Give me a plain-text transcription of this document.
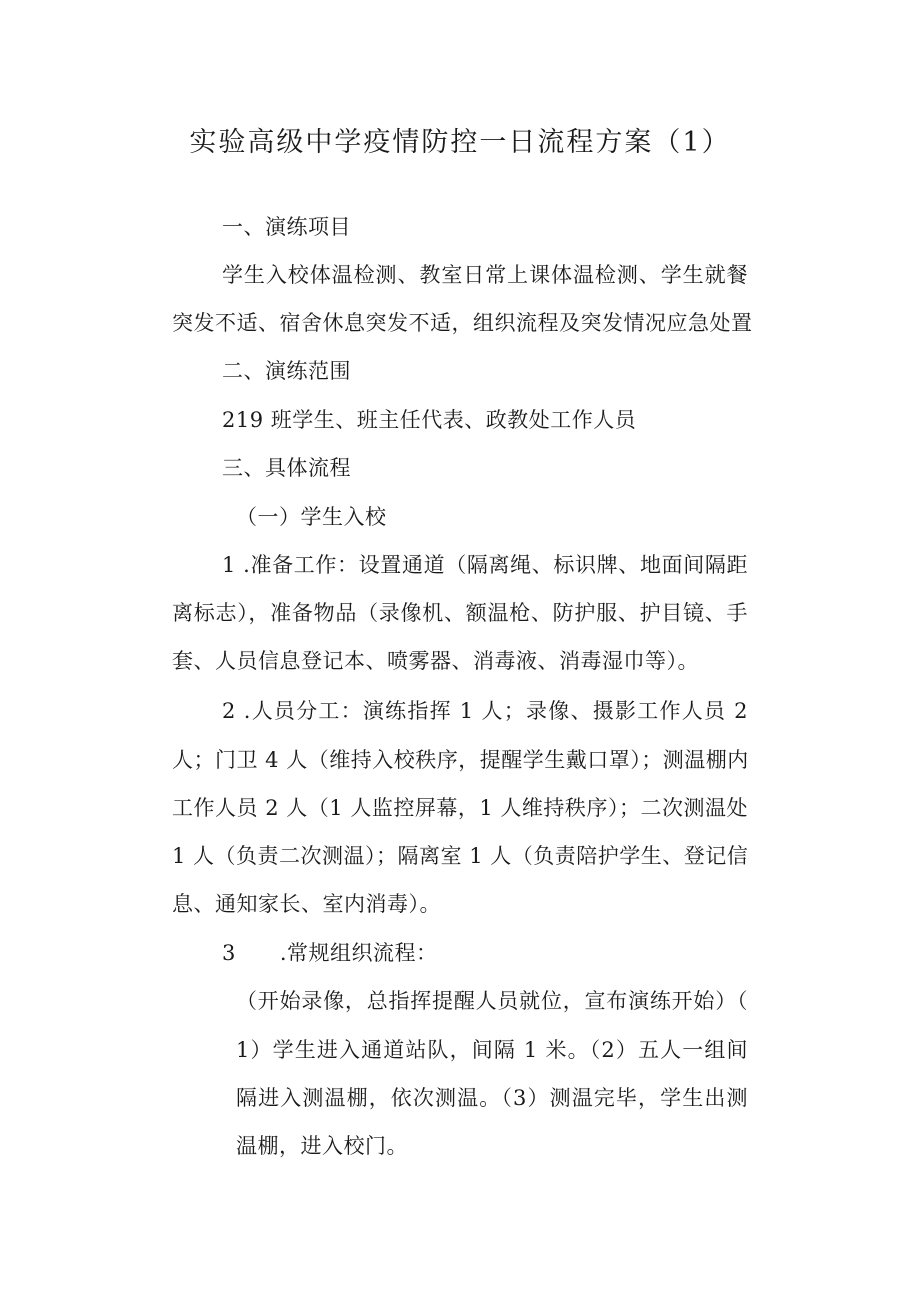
实验高级中学疫情防控一日流程方案（1）
一、演练项目
学生入校体温检测、教室日常上课体温检测、学生就餐
突发不适、宿舍休息突发不适，组织流程及突发情况应急处置
二、演练范围
219 班学生、班主任代表、政教处工作人员
三、具体流程
（一）学生入校
1 .准备工作：设置通道（隔离绳、标识牌、地面间隔距
离标志），准备物品（录像机、额温枪、防护服、护目镜、手
套、人员信息登记本、喷雾器、消毒液、消毒湿巾等）。
2 .人员分工：演练指挥 1 人；录像、摄影工作人员 2
人；门卫 4 人（维持入校秩序，提醒学生戴口罩）；测温棚内
工作人员 2 人（1 人监控屏幕，1 人维持秩序）；二次测温处
1 人（负责二次测温）；隔离室 1 人（负责陪护学生、登记信
息、通知家长、室内消毒）。
3 .常规组织流程：
（开始录像，总指挥提醒人员就位，宣布演练开始）（
1）学生进入通道站队，间隔 1 米。（2）五人一组间
隔进入测温棚，依次测温。（3）测温完毕，学生出测
温棚，进入校门。
